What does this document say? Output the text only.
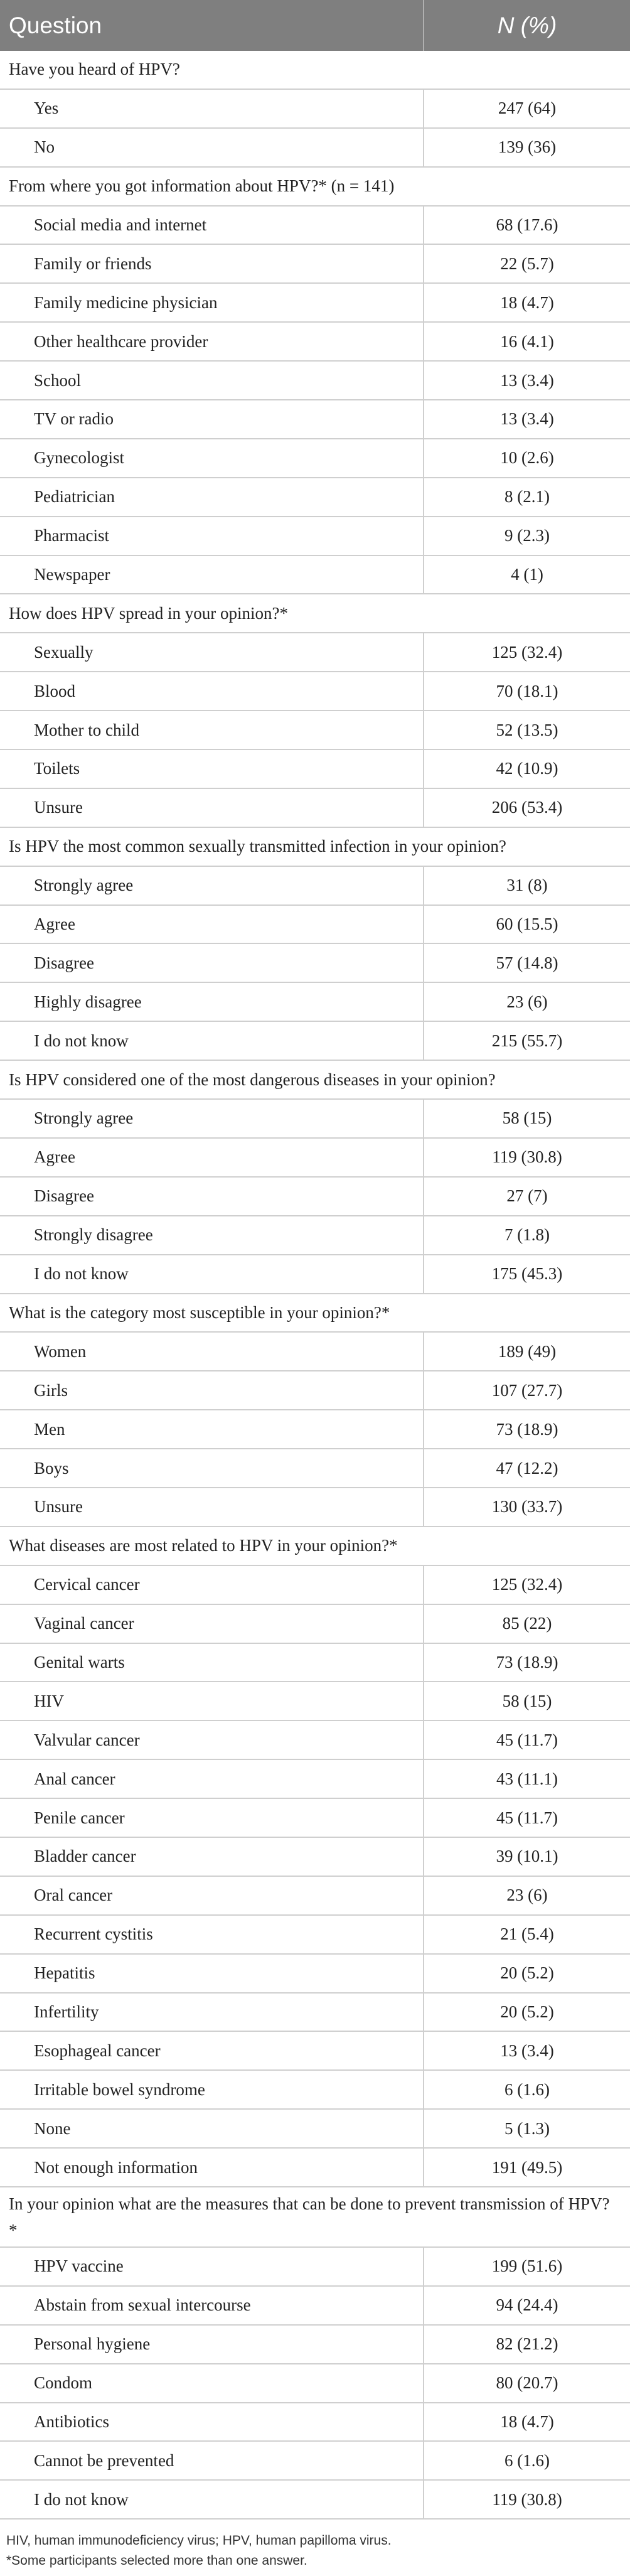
Question	N (%)
Have you heard of HPV?
Yes	247 (64)
No	139 (36)
From where you got information about HPV?* (n = 141)
Social media and internet	68 (17.6)
Family or friends	22 (5.7)
Family medicine physician	18 (4.7)
Other healthcare provider	16 (4.1)
School	13 (3.4)
TV or radio	13 (3.4)
Gynecologist	10 (2.6)
Pediatrician	8 (2.1)
Pharmacist	9 (2.3)
Newspaper	4 (1)
How does HPV spread in your opinion?*
Sexually	125 (32.4)
Blood	70 (18.1)
Mother to child	52 (13.5)
Toilets	42 (10.9)
Unsure	206 (53.4)
Is HPV the most common sexually transmitted infection in your opinion?
Strongly agree	31 (8)
Agree	60 (15.5)
Disagree	57 (14.8)
Highly disagree	23 (6)
I do not know	215 (55.7)
Is HPV considered one of the most dangerous diseases in your opinion?
Strongly agree	58 (15)
Agree	119 (30.8)
Disagree	27 (7)
Strongly disagree	7 (1.8)
I do not know	175 (45.3)
What is the category most susceptible in your opinion?*
Women	189 (49)
Girls	107 (27.7)
Men	73 (18.9)
Boys	47 (12.2)
Unsure	130 (33.7)
What diseases are most related to HPV in your opinion?*
Cervical cancer	125 (32.4)
Vaginal cancer	85 (22)
Genital warts	73 (18.9)
HIV	58 (15)
Valvular cancer	45 (11.7)
Anal cancer	43 (11.1)
Penile cancer	45 (11.7)
Bladder cancer	39 (10.1)
Oral cancer	23 (6)
Recurrent cystitis	21 (5.4)
Hepatitis	20 (5.2)
Infertility	20 (5.2)
Esophageal cancer	13 (3.4)
Irritable bowel syndrome	6 (1.6)
None	5 (1.3)
Not enough information	191 (49.5)
In your opinion what are the measures that can be done to prevent transmission of HPV?*
HPV vaccine	199 (51.6)
Abstain from sexual intercourse	94 (24.4)
Personal hygiene	82 (21.2)
Condom	80 (20.7)
Antibiotics	18 (4.7)
Cannot be prevented	6 (1.6)
I do not know	119 (30.8)
HIV, human immunodeficiency virus; HPV, human papilloma virus.
*Some participants selected more than one answer.
